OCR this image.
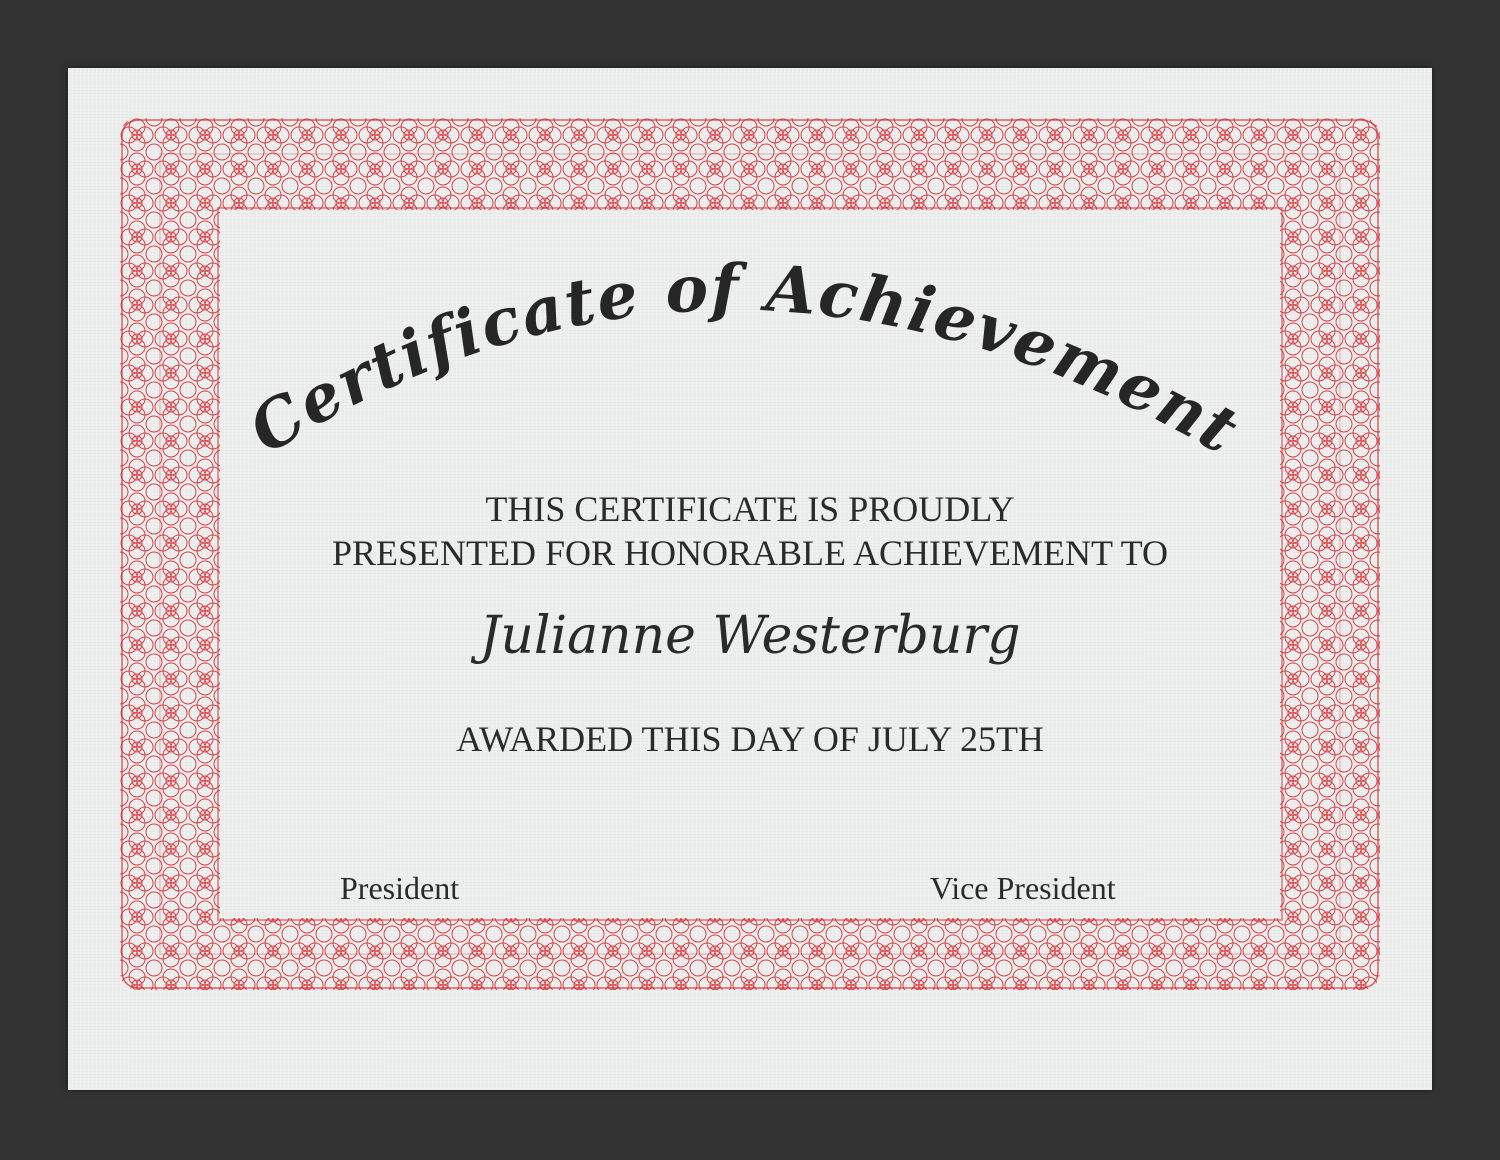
Certificate of Achievement
THIS CERTIFICATE IS PROUDLY
PRESENTED FOR HONORABLE ACHIEVEMENT TO
Julianne Westerburg
AWARDED THIS DAY OF JULY 25TH
President	Vice President
